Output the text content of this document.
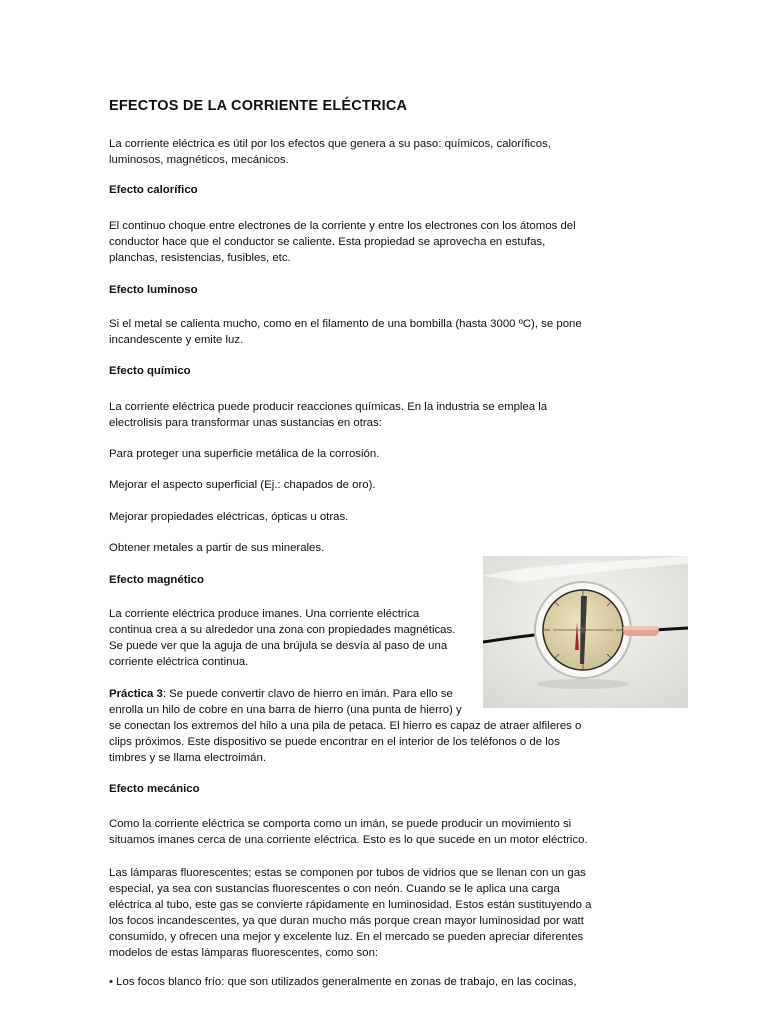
EFECTOS DE LA CORRIENTE ELÉCTRICA

La corriente eléctrica es útil por los efectos que genera a su paso: químicos, caloríficos,
luminosos, magnéticos, mecánicos.

Efecto calorífico

El continuo choque entre electrones de la corriente y entre los electrones con los átomos del
conductor hace que el conductor se caliente. Esta propiedad se aprovecha en estufas,
planchas, resistencias, fusibles, etc.

Efecto luminoso

Si el metal se calienta mucho, como en el filamento de una bombilla (hasta 3000 ºC), se pone
incandescente y emite luz.

Efecto químico

La corriente eléctrica puede producir reacciones químicas. En la industria se emplea la
electrolisis para transformar unas sustancias en otras:

Para proteger una superficie metálica de la corrosión.

Mejorar el aspecto superficial (Ej.: chapados de oro).

Mejorar propiedades eléctricas, ópticas u otras.

Obtener metales a partir de sus minerales.

Efecto magnético

La corriente eléctrica produce imanes. Una corriente eléctrica
continua crea a su alrededor una zona con propiedades magnéticas.
Se puede ver que la aguja de una brújula se desvía al paso de una
corriente eléctrica continua.

Práctica 3: Se puede convertir clavo de hierro en imán. Para ello se
enrolla un hilo de cobre en una barra de hierro (una punta de hierro) y
se conectan los extremos del hilo a una pila de petaca. El hierro es capaz de atraer alfileres o
clips próximos. Este dispositivo se puede encontrar en el interior de los teléfonos o de los
timbres y se llama electroimán.

Efecto mecánico

Como la corriente eléctrica se comporta como un imán, se puede producir un movimiento si
situamos imanes cerca de una corriente eléctrica. Esto es lo que sucede en un motor eléctrico.

Las lámparas fluorescentes; estas se componen por tubos de vidrios que se llenan con un gas
especial, ya sea con sustancias fluorescentes o con neón. Cuando se le aplica una carga
eléctrica al tubo, este gas se convierte rápidamente en luminosidad. Estos están sustituyendo a
los focos incandescentes, ya que duran mucho más porque crean mayor luminosidad por watt
consumido, y ofrecen una mejor y excelente luz. En el mercado se pueden apreciar diferentes
modelos de estas lámparas fluorescentes, como son:

• Los focos blanco frío: que son utilizados generalmente en zonas de trabajo, en las cocinas,
